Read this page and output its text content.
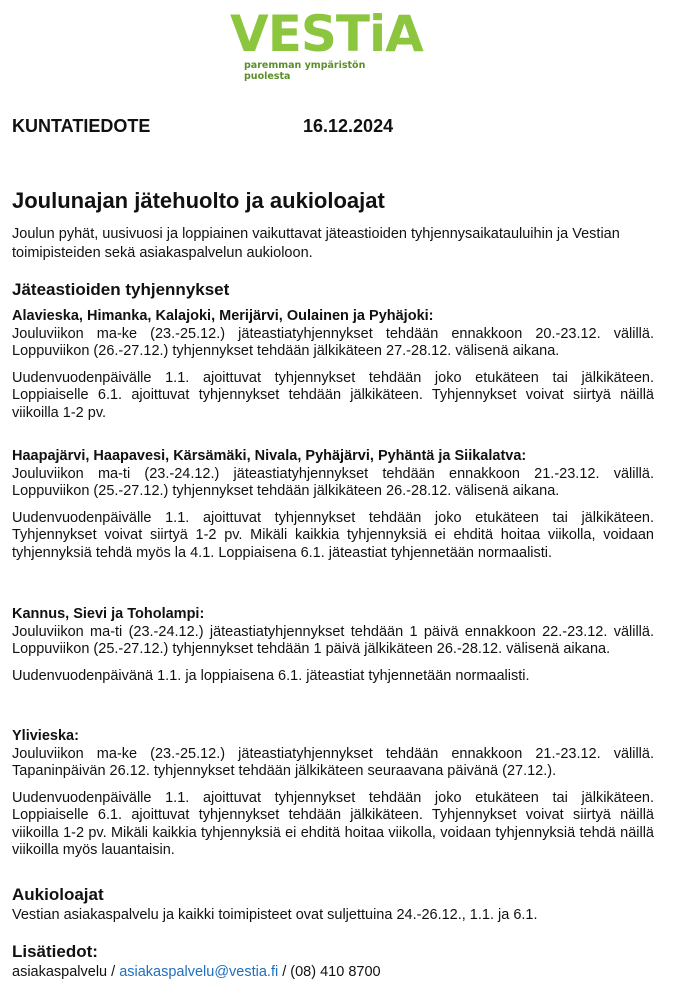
VESTiA
paremman ympäristön puolesta
KUNTATIEDOTE	16.12.2024
Joulunajan jätehuolto ja aukioloajat
Joulun pyhät, uusivuosi ja loppiainen vaikuttavat jäteastioiden tyhjennysaikatauluihin ja Vestian toimipisteiden sekä asiakaspalvelun aukioloon.
Jäteastioiden tyhjennykset
Alavieska, Himanka, Kalajoki, Merijärvi, Oulainen ja Pyhäjoki:

Jouluviikon ma-ke (23.-25.12.) jäteastiatyhjennykset tehdään ennakkoon 20.-23.12. välillä. Loppuviikon (26.-27.12.) tyhjennykset tehdään jälkikäteen 27.-28.12. välisenä aikana.

Uudenvuodenpäivälle 1.1. ajoittuvat tyhjennykset tehdään joko etukäteen tai jälkikäteen. Loppiaiselle 6.1. ajoittuvat tyhjennykset tehdään jälkikäteen. Tyhjennykset voivat siirtyä näillä viikoilla 1-2 pv.

Haapajärvi, Haapavesi, Kärsämäki, Nivala, Pyhäjärvi, Pyhäntä ja Siikalatva:

Jouluviikon ma-ti (23.-24.12.) jäteastiatyhjennykset tehdään ennakkoon 21.-23.12. välillä. Loppuviikon (25.-27.12.) tyhjennykset tehdään jälkikäteen 26.-28.12. välisenä aikana.

Uudenvuodenpäivälle 1.1. ajoittuvat tyhjennykset tehdään joko etukäteen tai jälkikäteen. Tyhjennykset voivat siirtyä 1-2 pv. Mikäli kaikkia tyhjennyksiä ei ehditä hoitaa viikolla, voidaan tyhjennyksiä tehdä myös la 4.1. Loppiaisena 6.1. jäteastiat tyhjennetään normaalisti.

Kannus, Sievi ja Toholampi:

Jouluviikon ma-ti (23.-24.12.) jäteastiatyhjennykset tehdään 1 päivä ennakkoon 22.-23.12. välillä. Loppuviikon (25.-27.12.) tyhjennykset tehdään 1 päivä jälkikäteen 26.-28.12. välisenä aikana.

Uudenvuodenpäivänä 1.1. ja loppiaisena 6.1. jäteastiat tyhjennetään normaalisti.

Ylivieska:

Jouluviikon ma-ke (23.-25.12.) jäteastiatyhjennykset tehdään ennakkoon 21.-23.12. välillä. Tapaninpäivän 26.12. tyhjennykset tehdään jälkikäteen seuraavana päivänä (27.12.).

Uudenvuodenpäivälle 1.1. ajoittuvat tyhjennykset tehdään joko etukäteen tai jälkikäteen. Loppiaiselle 6.1. ajoittuvat tyhjennykset tehdään jälkikäteen. Tyhjennykset voivat siirtyä näillä viikoilla 1-2 pv. Mikäli kaikkia tyhjennyksiä ei ehditä hoitaa viikolla, voidaan tyhjennyksiä tehdä näillä viikoilla myös lauantaisin.

Aukioloajat
Vestian asiakaspalvelu ja kaikki toimipisteet ovat suljettuina 24.-26.12., 1.1. ja 6.1.
Lisätiedot:
asiakaspalvelu / asiakaspalvelu@vestia.fi / (08) 410 8700
